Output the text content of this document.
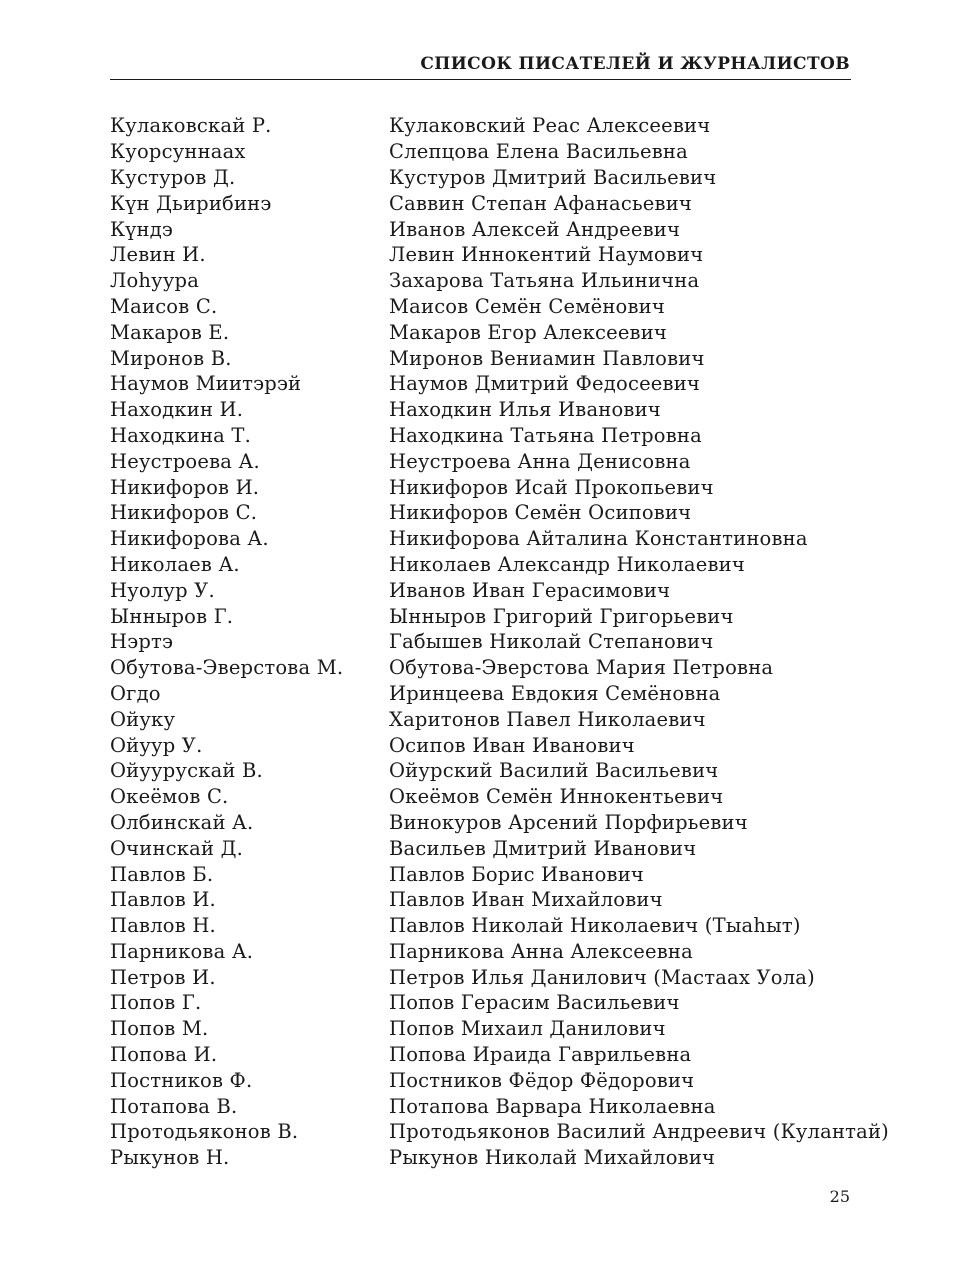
СПИСОК ПИСАТЕЛЕЙ И ЖУРНАЛИСТОВ
Кулаковскай Р.	Кулаковский Реас Алексеевич
Куорсуннаах	Слепцова Елена Васильевна
Кустуров Д.	Кустуров Дмитрий Васильевич
Күн Дьирибинэ	Саввин Степан Афанасьевич
Күндэ	Иванов Алексей Андреевич
Левин И.	Левин Иннокентий Наумович
Лоһуура	Захарова Татьяна Ильинична
Маисов С.	Маисов Семён Семёнович
Макаров Е.	Макаров Егор Алексеевич
Миронов В.	Миронов Вениамин Павлович
Наумов Миитэрэй	Наумов Дмитрий Федосеевич
Находкин И.	Находкин Илья Иванович
Находкина Т.	Находкина Татьяна Петровна
Неустроева А.	Неустроева Анна Денисовна
Никифоров И.	Никифоров Исай Прокопьевич
Никифоров С.	Никифоров Семён Осипович
Никифорова А.	Никифорова Айталина Константиновна
Николаев А.	Николаев Александр Николаевич
Нуолур У.	Иванов Иван Герасимович
Ынныров Г.	Ынныров Григорий Григорьевич
Нэртэ	Габышев Николай Степанович
Обутова-Эверстова М.	Обутова-Эверстова Мария Петровна
Огдо	Иринцеева Евдокия Семёновна
Ойуку	Харитонов Павел Николаевич
Ойуур У.	Осипов Иван Иванович
Ойуурускай В.	Ойурский Василий Васильевич
Океёмов С.	Океёмов Семён Иннокентьевич
Олбинскай А.	Винокуров Арсений Порфирьевич
Очинскай Д.	Васильев Дмитрий Иванович
Павлов Б.	Павлов Борис Иванович
Павлов И.	Павлов Иван Михайлович
Павлов Н.	Павлов Николай Николаевич (Тыаһыт)
Парникова А.	Парникова Анна Алексеевна
Петров И.	Петров Илья Данилович (Мастаах Уола)
Попов Г.	Попов Герасим Васильевич
Попов М.	Попов Михаил Данилович
Попова И.	Попова Ираида Гаврильевна
Постников Ф.	Постников Фёдор Фёдорович
Потапова В.	Потапова Варвара Николаевна
Протодьяконов В.	Протодьяконов Василий Андреевич (Кулантай)
Рыкунов Н.	Рыкунов Николай Михайлович
25
